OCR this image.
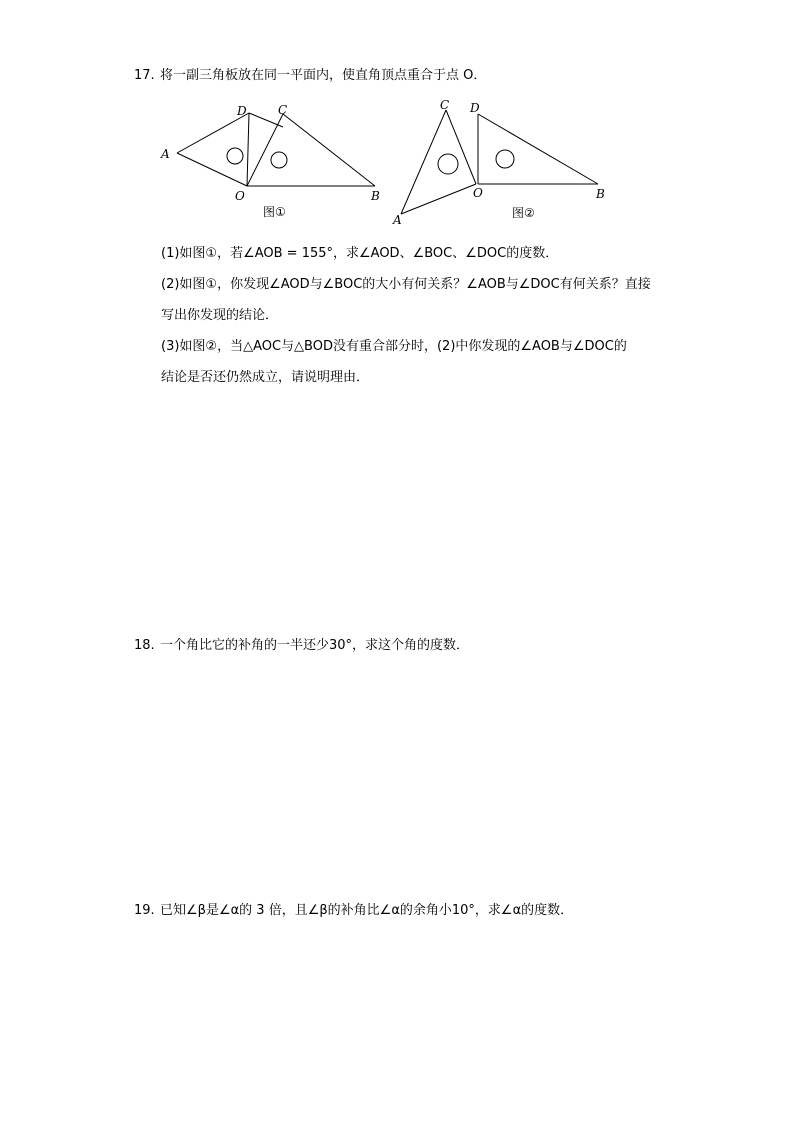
17. 将一副三角板放在同一平面内，使直角顶点重合于点 O．
A
D	C
O	B
图①
C D
O
A
B
图②
(1)如图①，若∠AOB = 155°，求∠AOD、∠BOC、∠DOC的度数．
(2)如图①，你发现∠AOD与∠BOC的大小有何关系？∠AOB与∠DOC有何关系？直接
写出你发现的结论．
(3)如图②，当△AOC与△BOD没有重合部分时，(2)中你发现的∠AOB与∠DOC的
结论是否还仍然成立，请说明理由．
18. 一个角比它的补角的一半还少30°，求这个角的度数．
19. 已知∠β是∠α的 3 倍，且∠β的补角比∠α的余角小10°，求∠α的度数．
